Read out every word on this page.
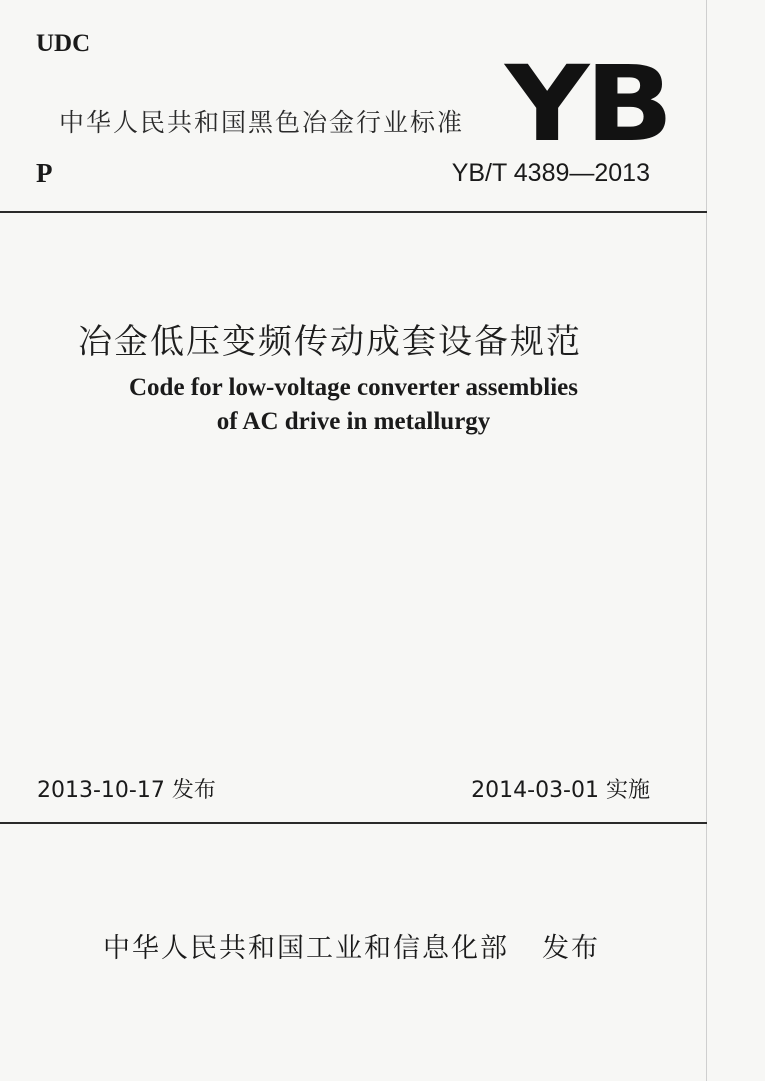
UDC
中华人民共和国黑色冶金行业标准 YB
P	YB/T 4389—2013
冶金低压变频传动成套设备规范
Code for low-voltage converter assemblies
of AC drive in metallurgy
2013-10-17 发布	2014-03-01 实施
中华人民共和国工业和信息化部 发布
